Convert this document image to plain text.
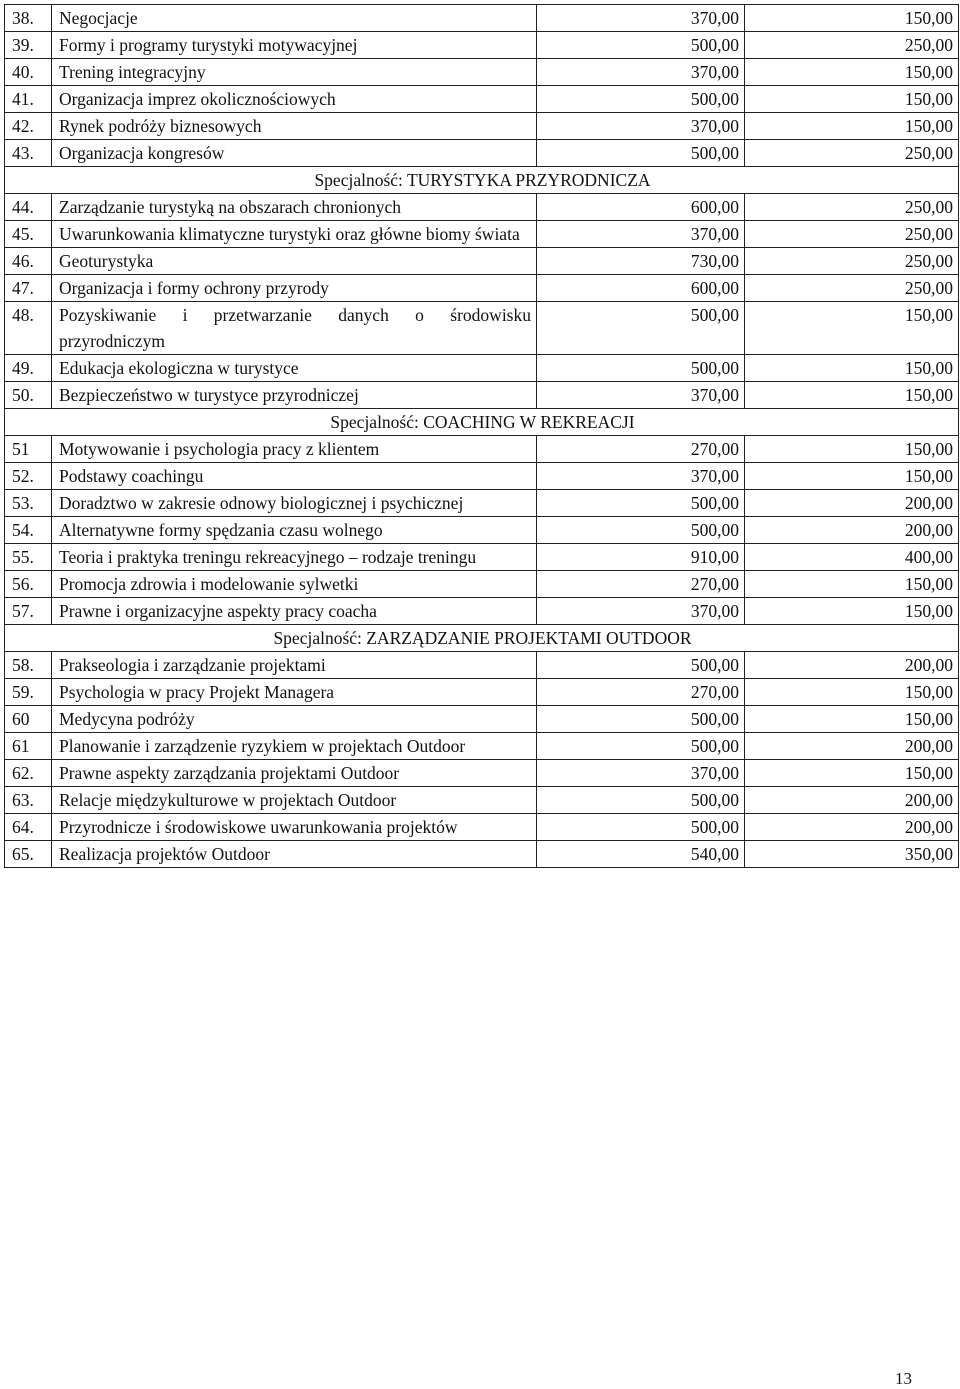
38.	Negocjacje	370,00	150,00
39.	Formy i programy turystyki motywacyjnej	500,00	250,00
40.	Trening integracyjny	370,00	150,00
41.	Organizacja imprez okolicznościowych	500,00	150,00
42.	Rynek podróży biznesowych	370,00	150,00
43.	Organizacja kongresów	500,00	250,00
Specjalność: TURYSTYKA PRZYRODNICZA			
44.	Zarządzanie turystyką na obszarach chronionych	600,00	250,00
45.	Uwarunkowania klimatyczne turystyki oraz główne biomy świata	370,00	250,00
46.	Geoturystyka	730,00	250,00
47.	Organizacja i formy ochrony przyrody	600,00	250,00
48.	Pozyskiwanie i przetwarzanie danych o środowisku przyrodniczym	500,00	150,00
49.	Edukacja ekologiczna w turystyce	500,00	150,00
50.	Bezpieczeństwo w turystyce przyrodniczej	370,00	150,00
Specjalność: COACHING W REKREACJI			
51	Motywowanie i psychologia pracy z klientem	270,00	150,00
52.	Podstawy coachingu	370,00	150,00
53.	Doradztwo w zakresie odnowy biologicznej i psychicznej	500,00	200,00
54.	Alternatywne formy spędzania czasu wolnego	500,00	200,00
55.	Teoria i praktyka treningu rekreacyjnego – rodzaje treningu	910,00	400,00
56.	Promocja zdrowia i modelowanie sylwetki	270,00	150,00
57.	Prawne i organizacyjne aspekty pracy coacha	370,00	150,00
Specjalność: ZARZĄDZANIE PROJEKTAMI OUTDOOR			
58.	Prakseologia i zarządzanie projektami	500,00	200,00
59.	Psychologia w pracy Projekt Managera	270,00	150,00
60	Medycyna podróży	500,00	150,00
61	Planowanie i zarządzenie ryzykiem w projektach Outdoor	500,00	200,00
62.	Prawne aspekty zarządzania projektami Outdoor	370,00	150,00
63.	Relacje międzykulturowe w projektach Outdoor	500,00	200,00
64.	Przyrodnicze i środowiskowe uwarunkowania projektów	500,00	200,00
65.	Realizacja projektów Outdoor	540,00	350,00
13
